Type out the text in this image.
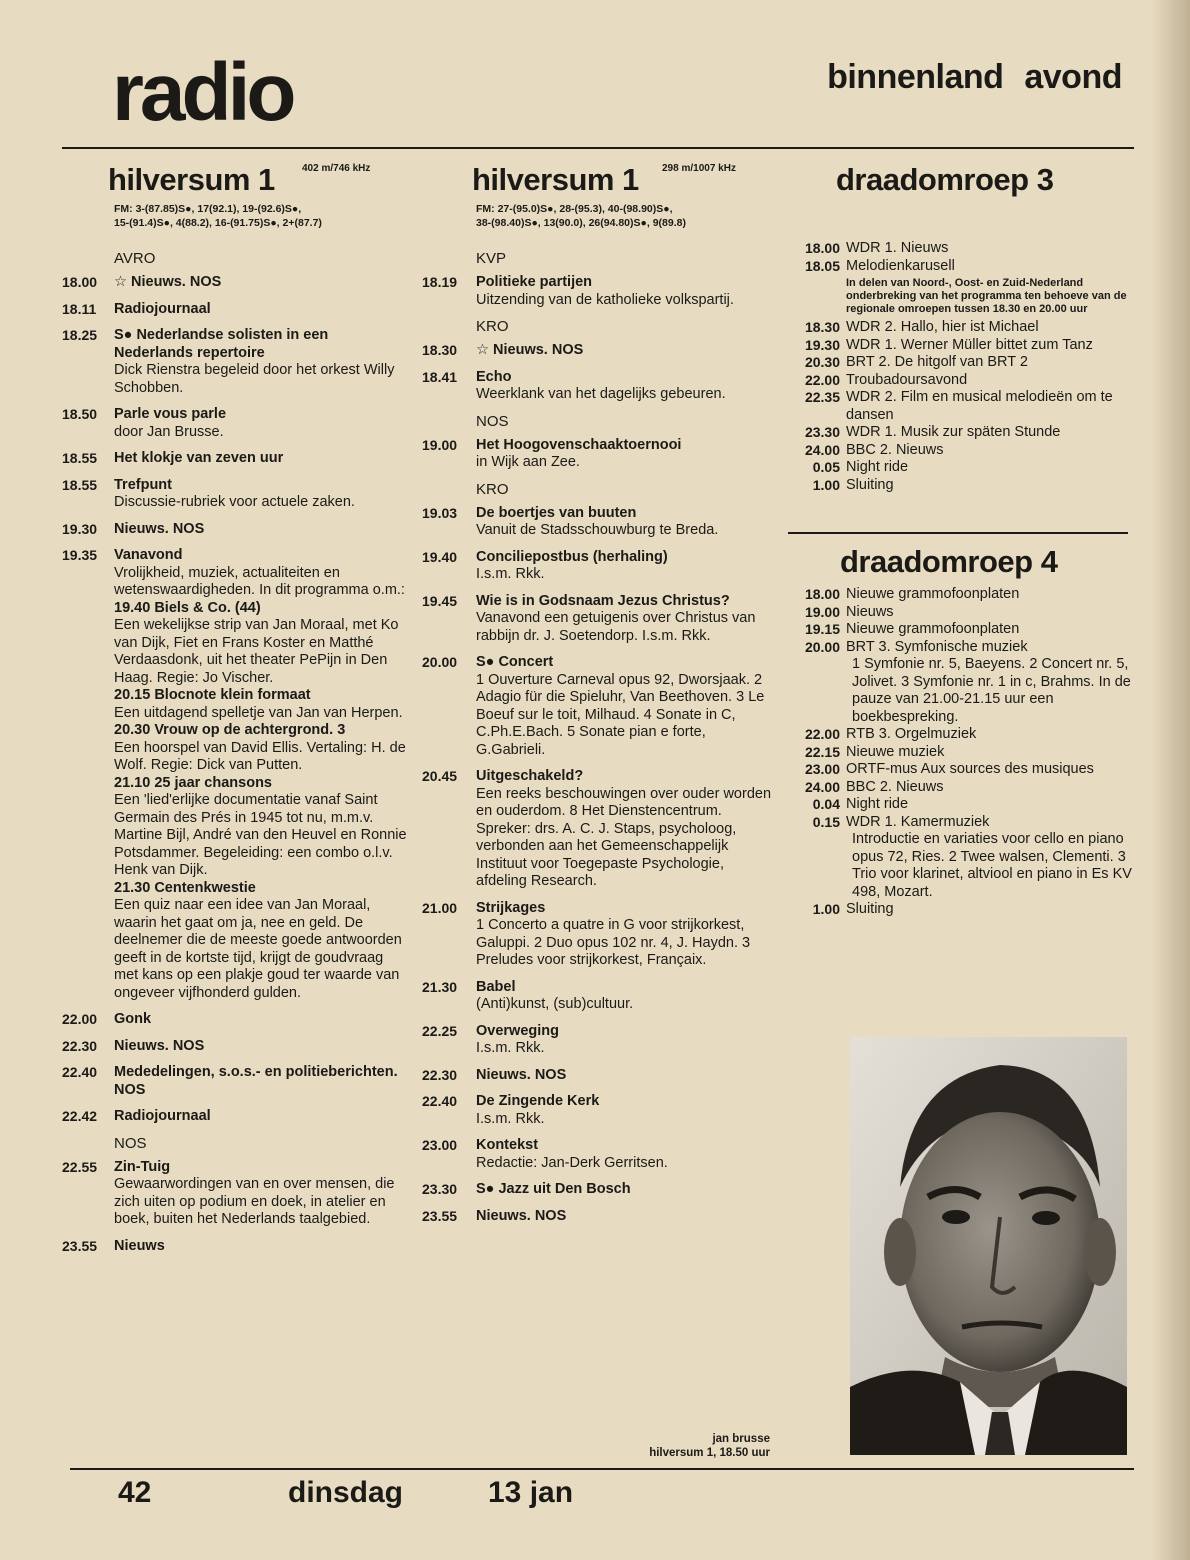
radio	binnenland avond
hilversum 1	402 m/746 kHz
FM: 3-(87.85)S●, 17(92.1), 19-(92.6)S●,
15-(91.4)S●, 4(88.2), 16-(91.75)S●, 2+(87.7)
AVRO
18.00	☆ Nieuws. NOS
18.11	Radiojournaal
18.25	S● Nederlandse solisten in een Nederlands repertoire
Dick Rienstra begeleid door het orkest Willy Schobben.
18.50	Parle vous parle
door Jan Brusse.
18.55	Het klokje van zeven uur
18.55	Trefpunt
Discussie-rubriek voor actuele zaken.
19.30	Nieuws. NOS
19.35	Vanavond
Vrolijkheid, muziek, actualiteiten en wetenswaardigheden. In dit programma o.m.:
19.40 Biels & Co. (44)
Een wekelijkse strip van Jan Moraal, met Ko van Dijk, Fiet en Frans Koster en Matthé Verdaasdonk, uit het theater PePijn in Den Haag. Regie: Jo Vischer.
20.15 Blocnote klein formaat
Een uitdagend spelletje van Jan van Herpen.
20.30 Vrouw op de achtergrond. 3
Een hoorspel van David Ellis. Vertaling: H. de Wolf. Regie: Dick van Putten.
21.10 25 jaar chansons
Een 'lied'erlijke documentatie vanaf Saint Germain des Prés in 1945 tot nu, m.m.v. Martine Bijl, André van den Heuvel en Ronnie Potsdammer. Begeleiding: een combo o.l.v. Henk van Dijk.
21.30 Centenkwestie
Een quiz naar een idee van Jan Moraal, waarin het gaat om ja, nee en geld. De deelnemer die de meeste goede antwoorden geeft in de kortste tijd, krijgt de goudvraag met kans op een plakje goud ter waarde van ongeveer vijfhonderd gulden.
22.00	Gonk
22.30	Nieuws. NOS
22.40	Mededelingen, s.o.s.- en politieberichten. NOS
22.42	Radiojournaal
NOS
22.55	Zin-Tuig
Gewaarwordingen van en over mensen, die zich uiten op podium en doek, in atelier en boek, buiten het Nederlands taalgebied.
23.55	Nieuws
hilversum 1 298 m/1007 kHz
FM: 27-(95.0)S●, 28-(95.3), 40-(98.90)S●,
38-(98.40)S●, 13(90.0), 26(94.80)S●, 9(89.8)
KVP
18.19	Politieke partijen
Uitzending van de katholieke volkspartij.
KRO
18.30	☆ Nieuws. NOS
18.41	Echo
Weerklank van het dagelijks gebeuren.
NOS
19.00	Het Hoogovenschaaktoernooi
in Wijk aan Zee.
KRO
19.03	De boertjes van buuten
Vanuit de Stadsschouwburg te Breda.
19.40	Conciliepostbus (herhaling)
I.s.m. Rkk.
19.45	Wie is in Godsnaam Jezus Christus?
Vanavond een getuigenis over Christus van rabbijn dr. J. Soetendorp. I.s.m. Rkk.
20.00	S● Concert
1 Ouverture Carneval opus 92, Dworsjaak. 2 Adagio für die Spieluhr, Van Beethoven. 3 Le Boeuf sur le toit, Milhaud. 4 Sonate in C, C.Ph.E.Bach. 5 Sonate pian e forte, G.Gabrieli.
20.45	Uitgeschakeld?
Een reeks beschouwingen over ouder worden en ouderdom. 8 Het Dienstencentrum. Spreker: drs. A. C. J. Staps, psycholoog, verbonden aan het Gemeenschappelijk Instituut voor Toegepaste Psychologie, afdeling Research.
21.00	Strijkages
1 Concerto a quatre in G voor strijkorkest, Galuppi. 2 Duo opus 102 nr. 4, J. Haydn. 3 Preludes voor strijkorkest, Françaix.
21.30	Babel
(Anti)kunst, (sub)cultuur.
22.25	Overweging
I.s.m. Rkk.
22.30	Nieuws. NOS
22.40	De Zingende Kerk
I.s.m. Rkk.
23.00	Kontekst
Redactie: Jan-Derk Gerritsen.
23.30	S● Jazz uit Den Bosch
23.55	Nieuws. NOS
draadomroep 3
18.00 WDR 1. Nieuws
18.05 Melodienkarusell
In delen van Noord-, Oost- en Zuid-Nederland onderbreking van het programma ten behoeve van de regionale omroepen tussen 18.30 en 20.00 uur
18.30 WDR 2. Hallo, hier ist Michael
19.30 WDR 1. Werner Müller bittet zum Tanz
20.30 BRT 2. De hitgolf van BRT 2
22.00 Troubadoursavond
22.35 WDR 2. Film en musical melodieën om te dansen
23.30 WDR 1. Musik zur späten Stunde
24.00 BBC 2. Nieuws
0.05 Night ride
1.00 Sluiting
draadomroep 4
18.00 Nieuwe grammofoonplaten
19.00 Nieuws
19.15 Nieuwe grammofoonplaten
20.00 BRT 3. Symfonische muziek
1 Symfonie nr. 5, Baeyens. 2 Concert nr. 5, Jolivet. 3 Symfonie nr. 1 in c, Brahms. In de pauze van 21.00-21.15 uur een boekbespreking.
22.00 RTB 3. Orgelmuziek
22.15 Nieuwe muziek
23.00 ORTF-mus Aux sources des musiques
24.00 BBC 2. Nieuws
0.04 Night ride
0.15 WDR 1. Kamermuziek
Introductie en variaties voor cello en piano opus 72, Ries. 2 Twee walsen, Clementi. 3 Trio voor klarinet, altviool en piano in Es KV 498, Mozart.
1.00 Sluiting
jan brusse
hilversum 1, 18.50 uur
42	dinsdag	13 jan
